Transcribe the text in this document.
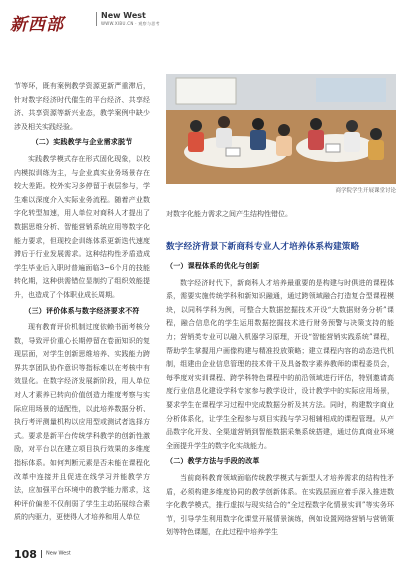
新西部	New West
WWW.XIBU.CN · 观察与思考

节等环，既有案例教学资源更新严重滞后，针对数字经济时代催生的平台经济、共享经济、共享资源等新兴业态，教学案例中缺少涉及相关实践经验。

（二）实践教学与企业需求脱节

实践教学模式存在形式固化现象，以校内模拟训练为主，与企业真实业务场景存在较大差距。校外实习多停留于表层参与，学生难以深度介入实际业务流程。随着产业数字化转型加速，用人单位对商科人才提出了数据思维分析、智能营销系统应用等数字化能力要求，但现校企训练体系更新迭代速度滞后于行业发展需求。这种结构性矛盾造成学生毕业后入职时普遍面临3~6个月的技能转化期，这种供需错位显制约了组织效能提升，也造成了个体职业成长周期。

（三）评价体系与数字经济要求不符

现有教育评价机制过度依赖书面考核分数，导致评价重心长期停留在卷面知识的复现层面，对学生创新思维培养、实践能力跨界共享团队协作意识等指标难以在考核中有效显化。在数字经济发展新阶段，用人单位对人才素养已转向价值创造力维度考察与实际应用场景的适配性，以此培养数据分析、执行考评测量机构以应用型或测试者选择方式。要求是新平台传统学科教学的创新性激励，对平台以在建立项目执行效果的多维度指标体系。如何判断元素是否未能在课程化改革中连接并且促进在线学习并能教学方法，应加强平台环境中的教学能力需求，这种评价偏差不仅削弱了学生主动拓展综合素质的内驱力，更使得人才培养和用人单位

商学院学生开展课堂讨论

对数字化能力需求之间产生结构性错位。

数字经济背景下新商科专业人才培养体系构建策略
（一）课程体系的优化与创新

数字经济时代下，新商科人才培养最重要的是构建与时俱进的课程体系，需要实施传统学科和新知识融通，通过跨领域融合打造复合型课程模块，以同科学科为例，可整合大数据挖掘技术开设“大数据财务分析”课程，融合信息化的学生运用数据挖掘技术进行财务预警与决策支持的能力；营销类专业可以融入机器学习原理，开设“智能营销实践系统”课程，帮助学生掌握用户画像构建与精准投放策略；建立课程内容的动态迭代机制，组建由企业信息管理的技术骨干及具备数字素养教师的课程委员会，每季度对实训课程、跨学科特色课程中的前沿领域进行评估，特别邀请高度行业信息化建设学科专家参与教学设计，设计教学中的实际应用场景，要求学生在课程学习过程中完成数据分析及其方法。同时，构建数字商业分析体系化，让学生全程参与项目实践与学习相辅相成的课程管理。从产品数字化开发、全渠道营销到智能数据采集系统搭建，通过仿真商业环境全面提升学生的数字化实战能力。

（二）教学方法与手段的改革

当前商科教育领域面临传统教学模式与新型人才培养需求的结构性矛盾，必须构建多维度协同的教学创新体系。在实践层面应着手深入推进数字化教学模式，推行虚拟与现实结合的“全过程数字化情景实训”等实务环节，引导学生利用数字化课堂开展情景演练，例如设置网络营销与营销策划等特色课题，在此过程中培养学生

108 New West
